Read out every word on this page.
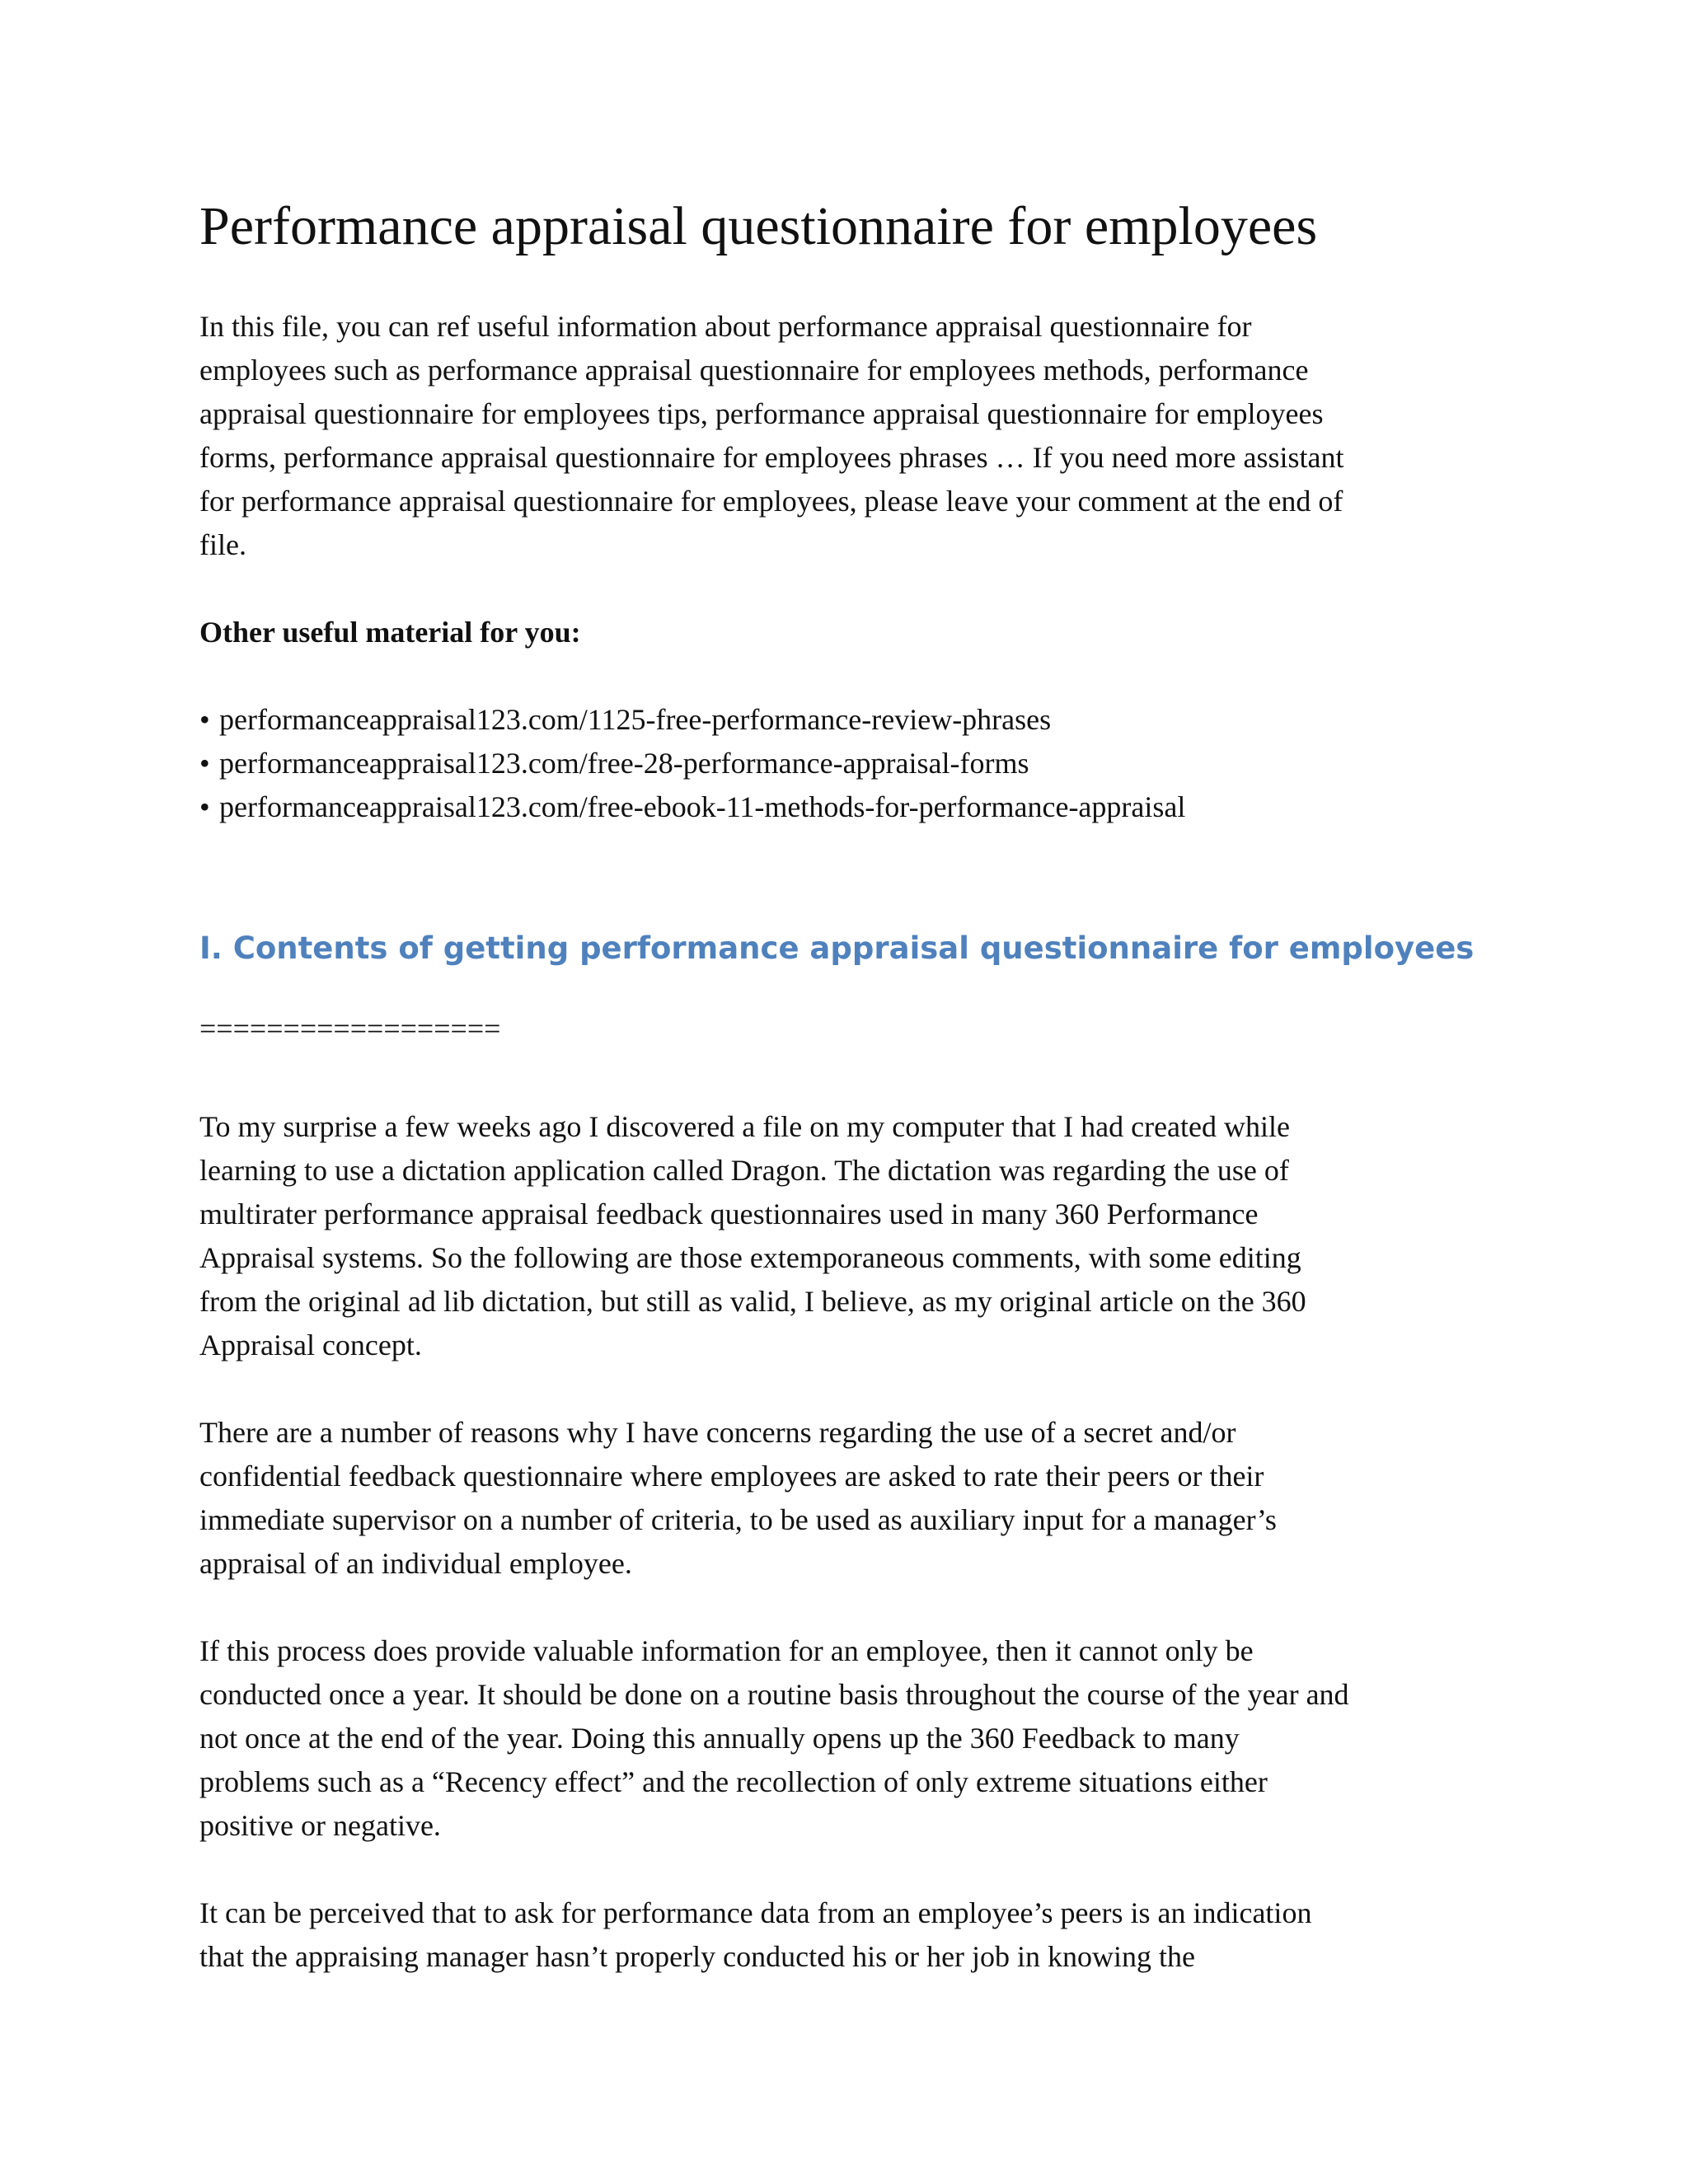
Performance appraisal questionnaire for employees

In this file, you can ref useful information about performance appraisal questionnaire for
employees such as performance appraisal questionnaire for employees methods, performance
appraisal questionnaire for employees tips, performance appraisal questionnaire for employees
forms, performance appraisal questionnaire for employees phrases … If you need more assistant
for performance appraisal questionnaire for employees, please leave your comment at the end of
file.

Other useful material for you:

• performanceappraisal123.com/1125-free-performance-review-phrases
• performanceappraisal123.com/free-28-performance-appraisal-forms
• performanceappraisal123.com/free-ebook-11-methods-for-performance-appraisal
I. Contents of getting performance appraisal questionnaire for employees
==================

To my surprise a few weeks ago I discovered a file on my computer that I had created while
learning to use a dictation application called Dragon. The dictation was regarding the use of
multirater performance appraisal feedback questionnaires used in many 360 Performance
Appraisal systems. So the following are those extemporaneous comments, with some editing
from the original ad lib dictation, but still as valid, I believe, as my original article on the 360
Appraisal concept.

There are a number of reasons why I have concerns regarding the use of a secret and/or
confidential feedback questionnaire where employees are asked to rate their peers or their
immediate supervisor on a number of criteria, to be used as auxiliary input for a manager’s
appraisal of an individual employee.

If this process does provide valuable information for an employee, then it cannot only be
conducted once a year. It should be done on a routine basis throughout the course of the year and
not once at the end of the year. Doing this annually opens up the 360 Feedback to many
problems such as a “Recency effect” and the recollection of only extreme situations either
positive or negative.

It can be perceived that to ask for performance data from an employee’s peers is an indication
that the appraising manager hasn’t properly conducted his or her job in knowing the
